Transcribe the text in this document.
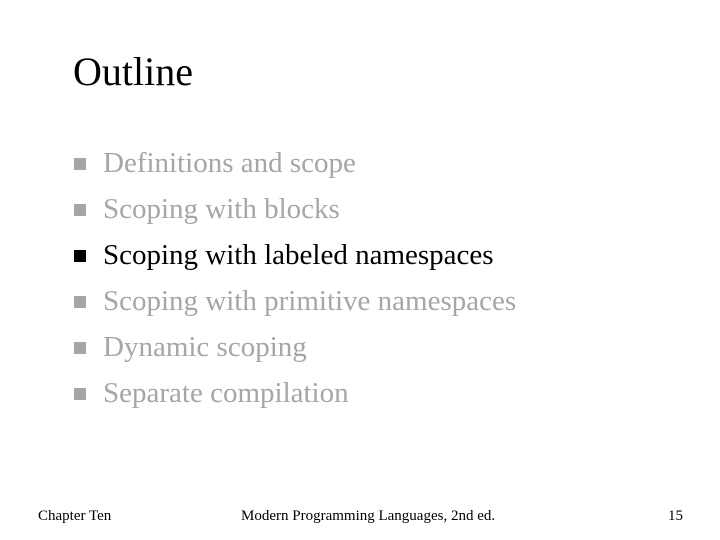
Outline
Definitions and scope
Scoping with blocks
Scoping with labeled namespaces
Scoping with primitive namespaces
Dynamic scoping
Separate compilation
Chapter Ten	Modern Programming Languages, 2nd ed.	15
